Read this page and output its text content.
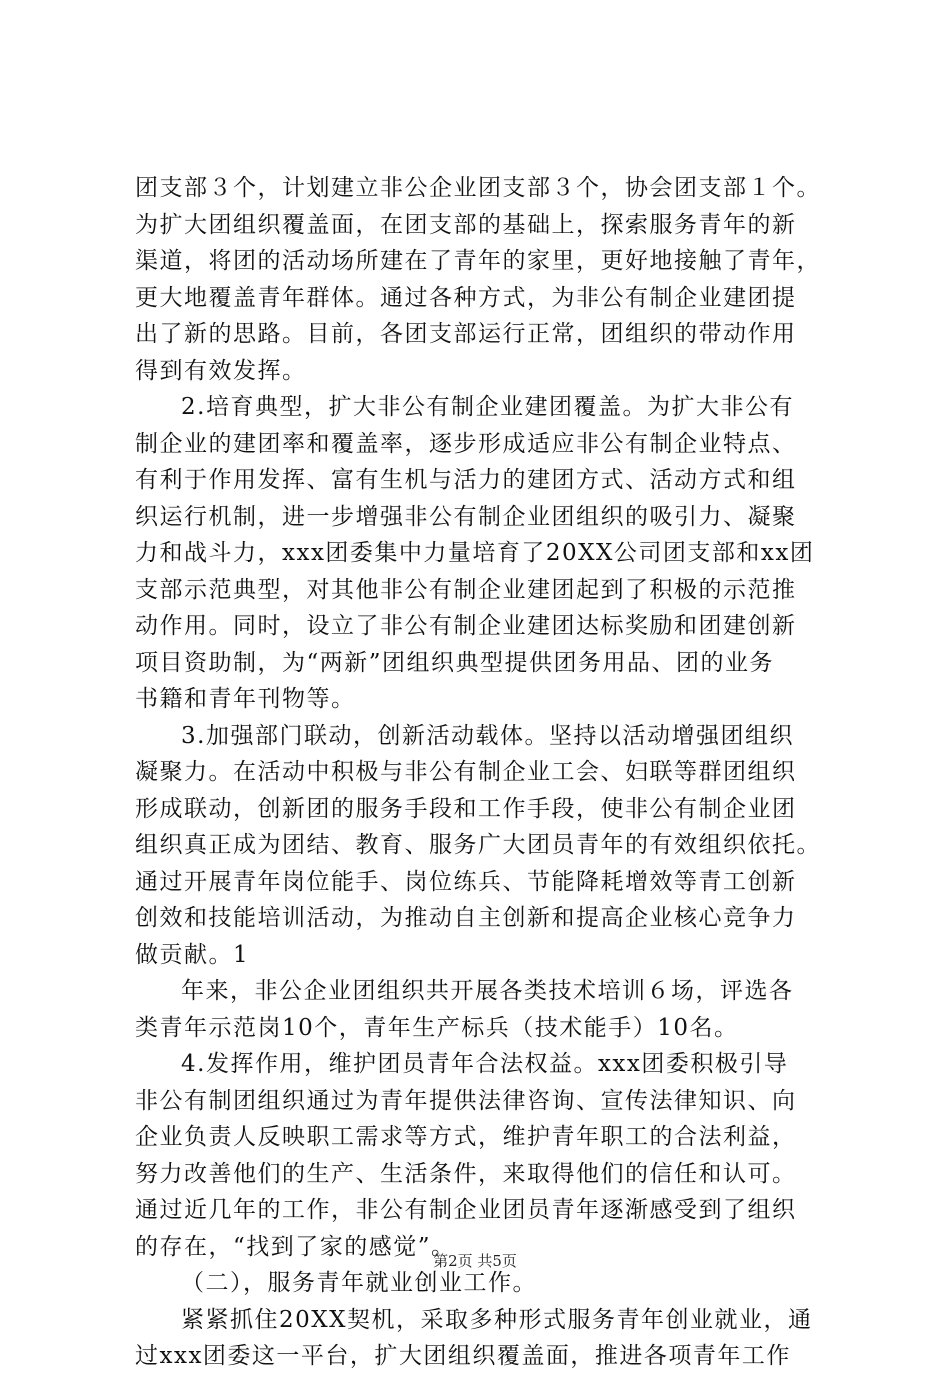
团支部３个，计划建立非公企业团支部３个，协会团支部１个。
为扩大团组织覆盖面，在团支部的基础上，探索服务青年的新
渠道，将团的活动场所建在了青年的家里，更好地接触了青年，
更大地覆盖青年群体。通过各种方式，为非公有制企业建团提
出了新的思路。目前，各团支部运行正常，团组织的带动作用
得到有效发挥。
2.培育典型，扩大非公有制企业建团覆盖。为扩大非公有
制企业的建团率和覆盖率，逐步形成适应非公有制企业特点、
有利于作用发挥、富有生机与活力的建团方式、活动方式和组
织运行机制，进一步增强非公有制企业团组织的吸引力、凝聚
力和战斗力，xxx团委集中力量培育了20XX公司团支部和xx团
支部示范典型，对其他非公有制企业建团起到了积极的示范推
动作用。同时，设立了非公有制企业建团达标奖励和团建创新
项目资助制，为“两新”团组织典型提供团务用品、团的业务
书籍和青年刊物等。
3.加强部门联动，创新活动载体。坚持以活动增强团组织
凝聚力。在活动中积极与非公有制企业工会、妇联等群团组织
形成联动，创新团的服务手段和工作手段，使非公有制企业团
组织真正成为团结、教育、服务广大团员青年的有效组织依托。
通过开展青年岗位能手、岗位练兵、节能降耗增效等青工创新
创效和技能培训活动，为推动自主创新和提高企业核心竞争力
做贡献。1
年来，非公企业团组织共开展各类技术培训６场，评选各
类青年示范岗10个，青年生产标兵（技术能手）10名。
4.发挥作用，维护团员青年合法权益。xxx团委积极引导
非公有制团组织通过为青年提供法律咨询、宣传法律知识、向
企业负责人反映职工需求等方式，维护青年职工的合法利益，
努力改善他们的生产、生活条件，来取得他们的信任和认可。
通过近几年的工作，非公有制企业团员青年逐渐感受到了组织
的存在，“找到了家的感觉”。
（二），服务青年就业创业工作。
紧紧抓住20XX契机，采取多种形式服务青年创业就业，通
过xxx团委这一平台，扩大团组织覆盖面，推进各项青年工作
第2页 共5页
